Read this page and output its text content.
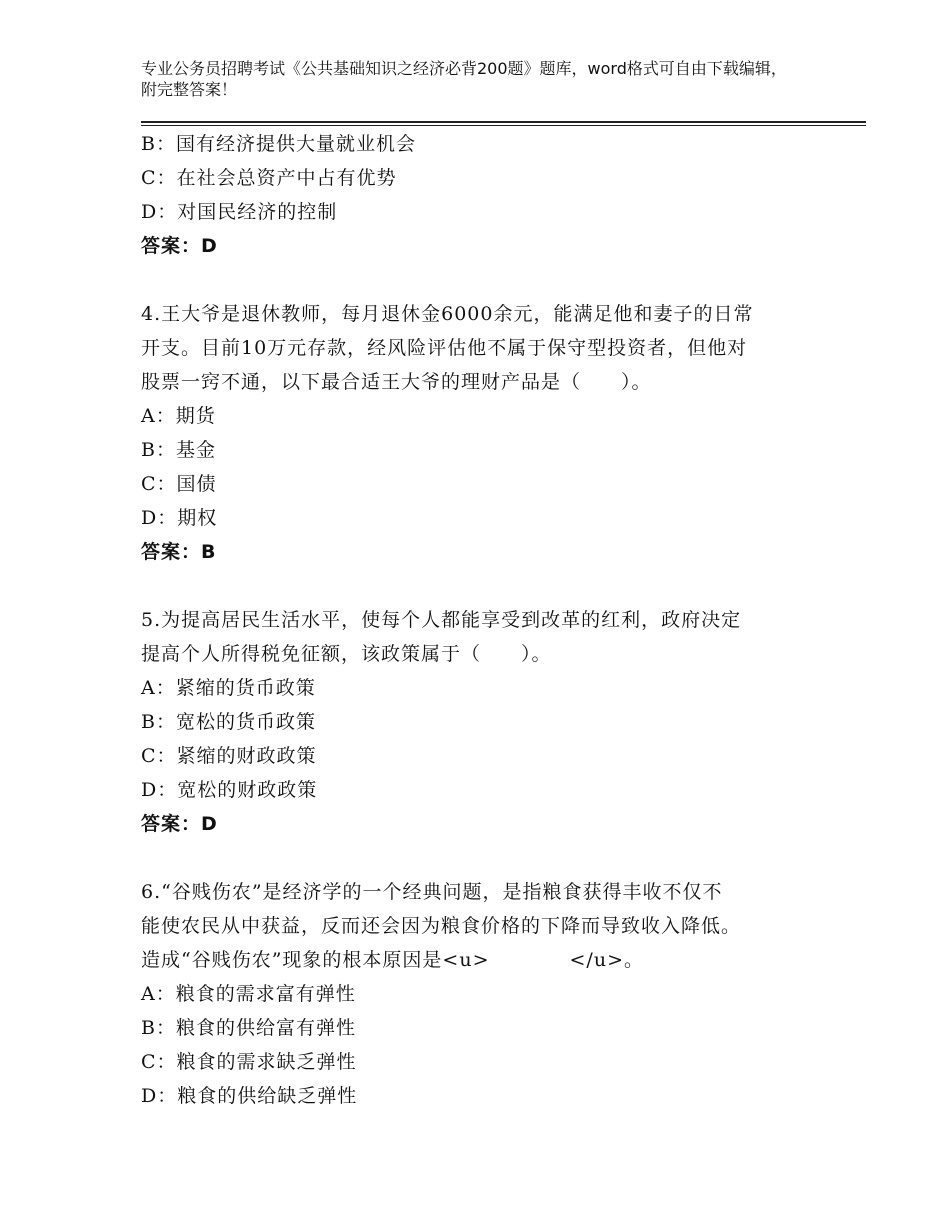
专业公务员招聘考试《公共基础知识之经济必背200题》题库，word格式可自由下载编辑，附完整答案！
B：国有经济提供大量就业机会
C：在社会总资产中占有优势
D：对国民经济的控制
答案：D
4.王大爷是退休教师，每月退休金6000余元，能满足他和妻子的日常
开支。目前10万元存款，经风险评估他不属于保守型投资者，但他对
股票一窍不通，以下最合适王大爷的理财产品是（　　）。
A：期货
B：基金
C：国债
D：期权
答案：B
5.为提高居民生活水平，使每个人都能享受到改革的红利，政府决定
提高个人所得税免征额，该政策属于（　　）。
A：紧缩的货币政策
B：宽松的货币政策
C：紧缩的财政政策
D：宽松的财政政策
答案：D
6.“谷贱伤农”是经济学的一个经典问题，是指粮食获得丰收不仅不
能使农民从中获益，反而还会因为粮食价格的下降而导致收入降低。
造成“谷贱伤农”现象的根本原因是<u>　　　　</u>。
A：粮食的需求富有弹性
B：粮食的供给富有弹性
C：粮食的需求缺乏弹性
D：粮食的供给缺乏弹性
